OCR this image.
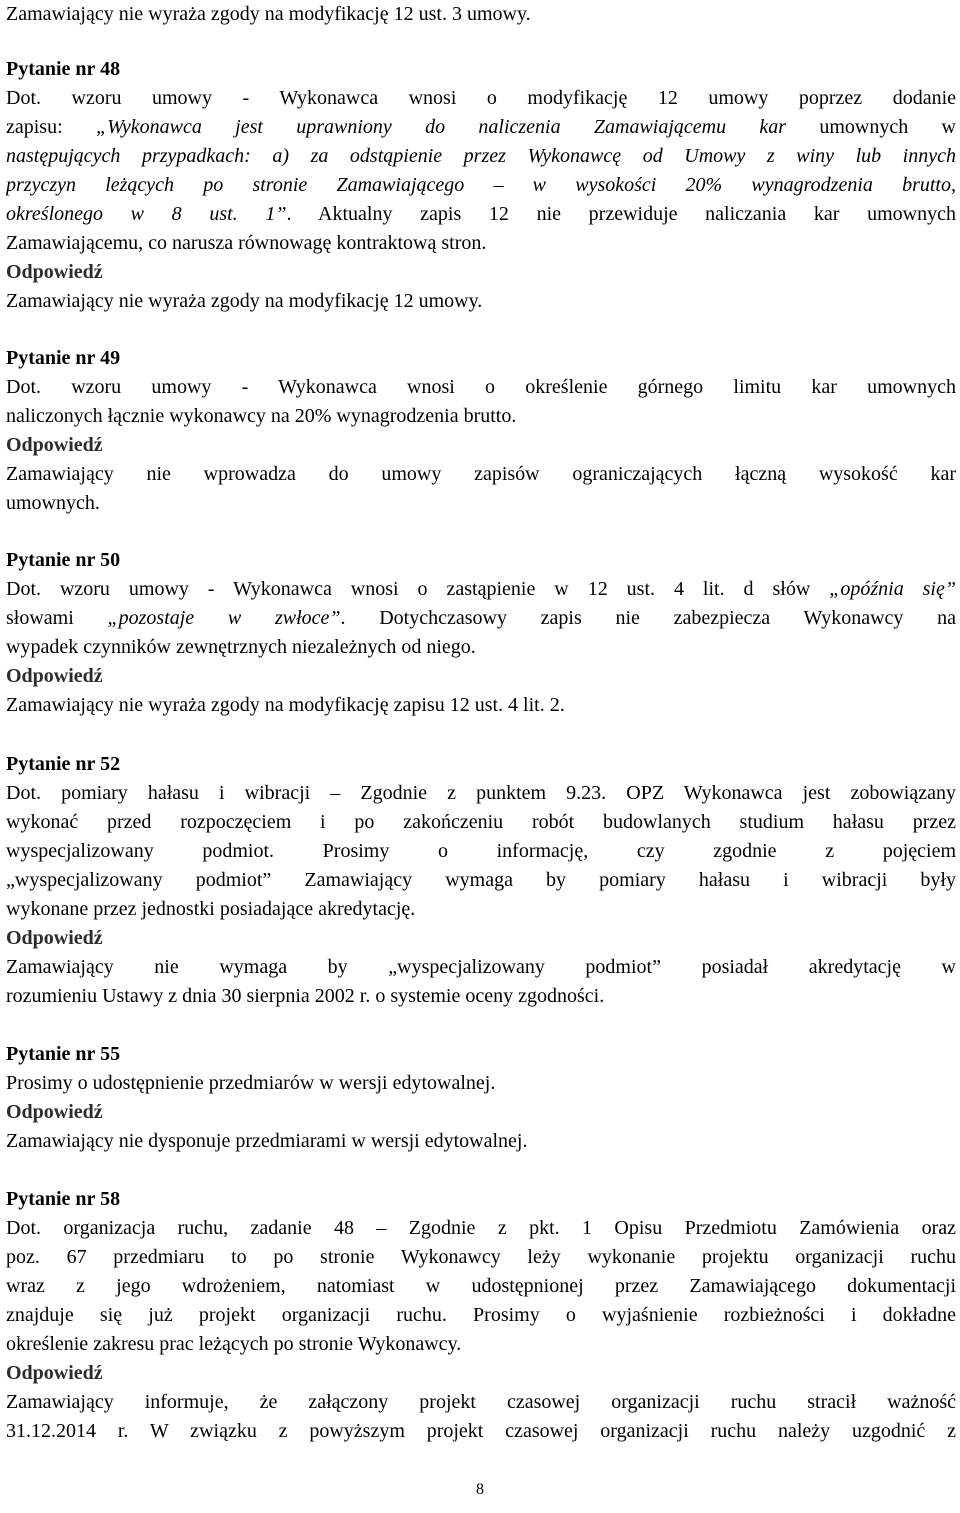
Zamawiający nie wyraża zgody na modyfikację 12 ust. 3 umowy.
Pytanie nr 48
Dot. wzoru umowy - Wykonawca wnosi o modyfikację 12 umowy poprzez dodanie
zapisu: „Wykonawca jest uprawniony do naliczenia Zamawiającemu kar umownych w
następujących przypadkach: a) za odstąpienie przez Wykonawcę od Umowy z winy lub innych
przyczyn leżących po stronie Zamawiającego – w wysokości 20% wynagrodzenia brutto,
określonego w 8 ust. 1”. Aktualny zapis 12 nie przewiduje naliczania kar umownych
Zamawiającemu, co narusza równowagę kontraktową stron.
Odpowiedź
Zamawiający nie wyraża zgody na modyfikację 12 umowy.
Pytanie nr 49
Dot. wzoru umowy - Wykonawca wnosi o określenie górnego limitu kar umownych
naliczonych łącznie wykonawcy na 20% wynagrodzenia brutto.
Odpowiedź
Zamawiający nie wprowadza do umowy zapisów ograniczających łączną wysokość kar
umownych.
Pytanie nr 50
Dot. wzoru umowy - Wykonawca wnosi o zastąpienie w 12 ust. 4 lit. d słów „opóźnia się”
słowami „pozostaje w zwłoce”. Dotychczasowy zapis nie zabezpiecza Wykonawcy na
wypadek czynników zewnętrznych niezależnych od niego.
Odpowiedź
Zamawiający nie wyraża zgody na modyfikację zapisu 12 ust. 4 lit. 2.
Pytanie nr 52
Dot. pomiary hałasu i wibracji – Zgodnie z punktem 9.23. OPZ Wykonawca jest zobowiązany
wykonać przed rozpoczęciem i po zakończeniu robót budowlanych studium hałasu przez
wyspecjalizowany podmiot. Prosimy o informację, czy zgodnie z pojęciem
„wyspecjalizowany podmiot” Zamawiający wymaga by pomiary hałasu i wibracji były
wykonane przez jednostki posiadające akredytację.
Odpowiedź
Zamawiający nie wymaga by „wyspecjalizowany podmiot” posiadał akredytację w
rozumieniu Ustawy z dnia 30 sierpnia 2002 r. o systemie oceny zgodności.
Pytanie nr 55
Prosimy o udostępnienie przedmiarów w wersji edytowalnej.
Odpowiedź
Zamawiający nie dysponuje przedmiarami w wersji edytowalnej.
Pytanie nr 58
Dot. organizacja ruchu, zadanie 48 – Zgodnie z pkt. 1 Opisu Przedmiotu Zamówienia oraz
poz. 67 przedmiaru to po stronie Wykonawcy leży wykonanie projektu organizacji ruchu
wraz z jego wdrożeniem, natomiast w udostępnionej przez Zamawiającego dokumentacji
znajduje się już projekt organizacji ruchu. Prosimy o wyjaśnienie rozbieżności i dokładne
określenie zakresu prac leżących po stronie Wykonawcy.
Odpowiedź
Zamawiający informuje, że załączony projekt czasowej organizacji ruchu stracił ważność
31.12.2014 r. W związku z powyższym projekt czasowej organizacji ruchu należy uzgodnić z
8
